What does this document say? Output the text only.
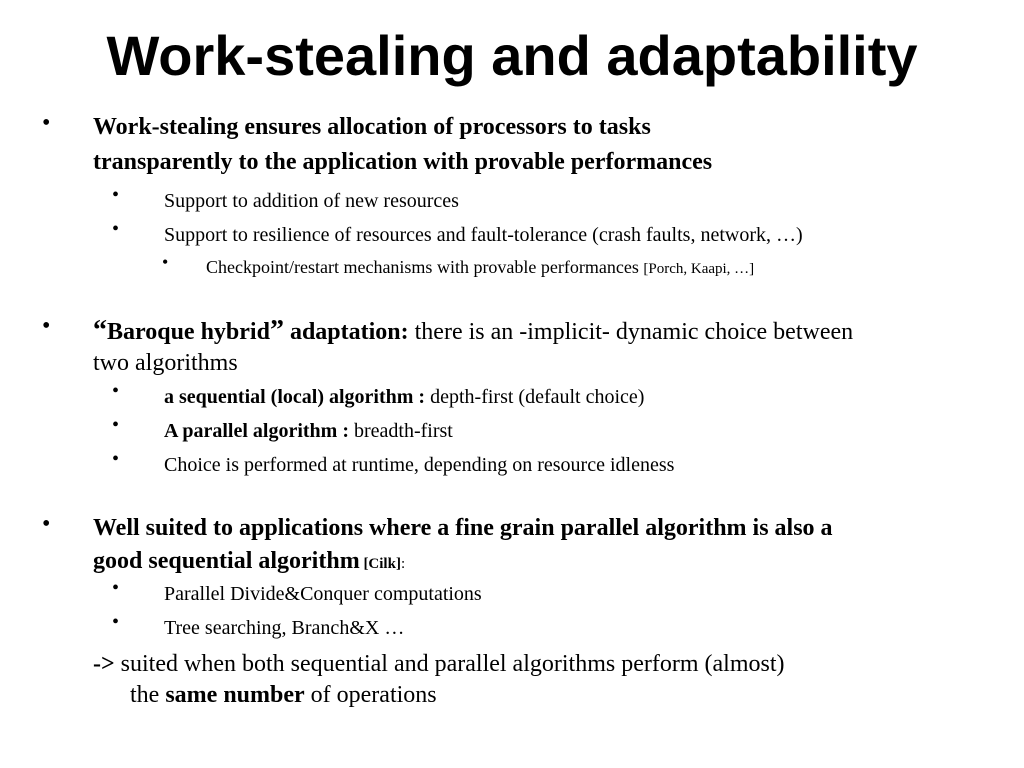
Work-stealing and adaptability
• Work-stealing ensures allocation of processors to tasks
transparently to the application with provable performances
• Support to addition of new resources
• Support to resilience of resources and fault-tolerance (crash faults, network, …)
• Checkpoint/restart mechanisms with provable performances [Porch, Kaapi, …]
• “Baroque hybrid” adaptation: there is an -implicit- dynamic choice between
two algorithms
• a sequential (local) algorithm : depth-first (default choice)
• A parallel algorithm : breadth-first
• Choice is performed at runtime, depending on resource idleness
• Well suited to applications where a fine grain parallel algorithm is also a
good sequential algorithm [Cilk]:
• Parallel Divide&Conquer computations
• Tree searching, Branch&X …
-> suited when both sequential and parallel algorithms perform (almost)
the same number of operations
